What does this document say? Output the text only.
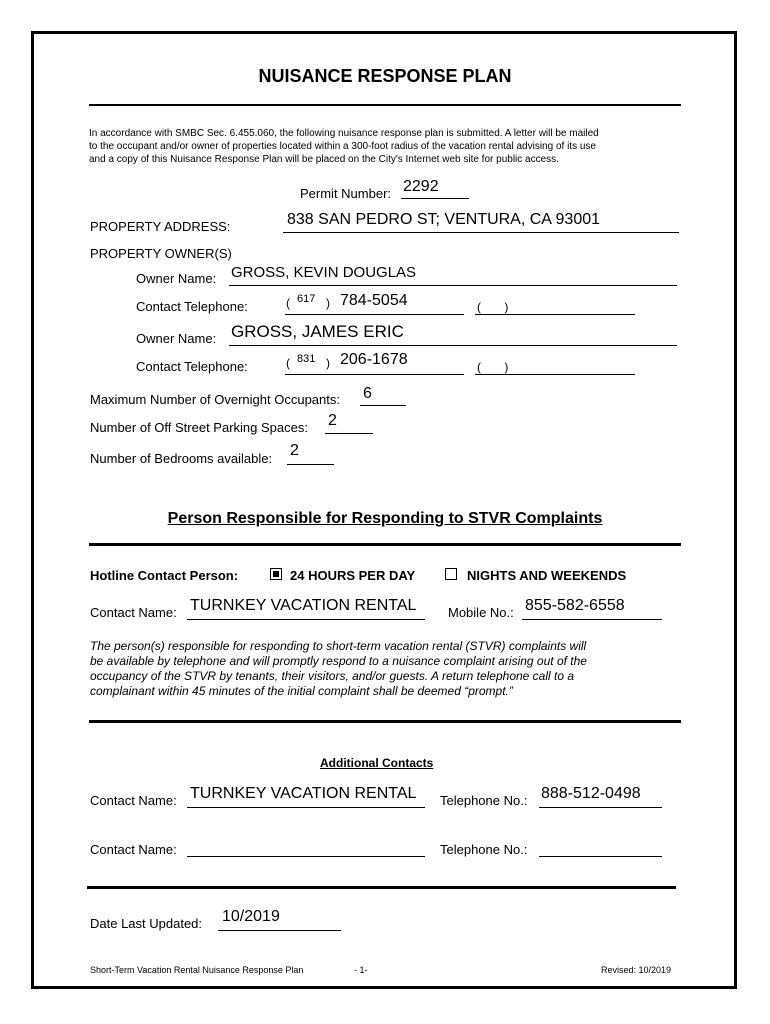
NUISANCE RESPONSE PLAN
In accordance with SMBC Sec. 6.455.060, the following nuisance response plan is submitted. A letter will be mailed
to the occupant and/or owner of properties located within a 300-foot radius of the vacation rental advising of its use
and a copy of this Nuisance Response Plan will be placed on the City's Internet web site for public access.
Permit Number: 2292
PROPERTY ADDRESS:	838 SAN PEDRO ST; VENTURA, CA 93001
PROPERTY OWNER(S)
Owner Name: GROSS, KEVIN DOUGLAS
Contact Telephone:	( 617 ) 784-5054	(       )
Owner Name: GROSS, JAMES ERIC
Contact Telephone:	( 831 ) 206-1678	(       )
Maximum Number of Overnight Occupants: 6
Number of Off Street Parking Spaces: 2
Number of Bedrooms available: 2
Person Responsible for Responding to STVR Complaints
Hotline Contact Person:	24 HOURS PER DAY	NIGHTS AND WEEKENDS
Contact Name: TURNKEY VACATION RENTAL Mobile No.: 855-582-6558
The person(s) responsible for responding to short-term vacation rental (STVR) complaints will
be available by telephone and will promptly respond to a nuisance complaint arising out of the
occupancy of the STVR by tenants, their visitors, and/or guests. A return telephone call to a
complainant within 45 minutes of the initial complaint shall be deemed “prompt.”
Additional Contacts
Contact Name: TURNKEY VACATION RENTAL Telephone No.: 888-512-0498
Contact Name:	Telephone No.:
Date Last Updated: 10/2019
Short-Term Vacation Rental Nuisance Response Plan	- 1-	Revised: 10/2019
